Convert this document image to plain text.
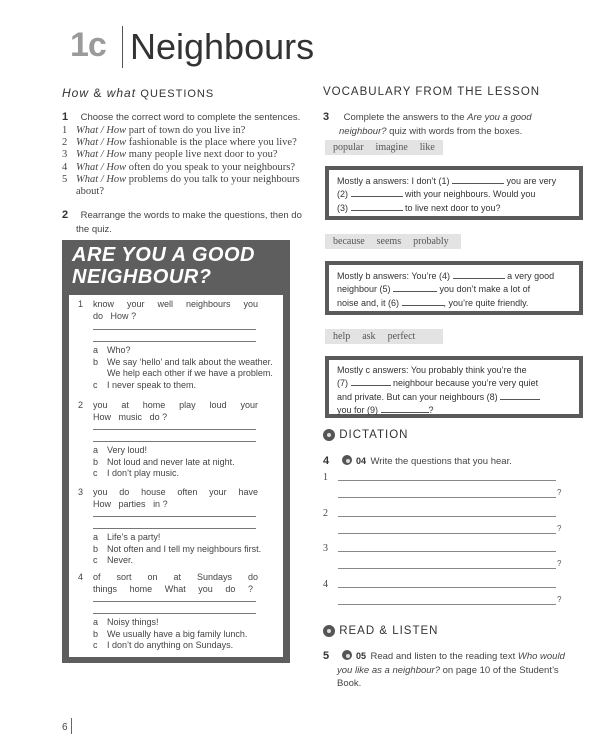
1c Neighbours
How & what QUESTIONS
1 Choose the correct word to complete the sentences.
1 What / How part of town do you live in?
2 What / How fashionable is the place where you live?
3 What / How many people live next door to you?
4 What / How often do you speak to your neighbours?
5 What / How problems do you talk to your neighbours
about?
2 Rearrange the words to make the questions, then do
the quiz.
ARE YOU A GOOD
NEIGHBOUR?
1 know your well neighbours you
do How ?
a Who?
b We say ‘hello’ and talk about the weather.
We help each other if we have a problem.
c I never speak to them.
2 you at home play loud your
How music do ?
a Very loud!
b Not loud and never late at night.
c I don’t play music.
3 you do house often your have
How parties in ?
a Life’s a party!
b Not often and I tell my neighbours first.
c Never.
4 of sort on at Sundays do
things home What you do ?
a Noisy things!
b We usually have a big family lunch.
c I don’t do anything on Sundays.
VOCABULARY FROM THE LESSON
3 Complete the answers to the Are you a good
neighbour? quiz with words from the boxes.
popular imagine like
Mostly a answers: I don’t (1)	you are very
(2)	with your neighbours. Would you
(3)	to live next door to you?
because seems probably
Mostly b answers: You’re (4)	a very good
neighbour (5)	you don’t make a lot of
noise and, it (6)	, you’re quite friendly.
help ask perfect
Mostly c answers: You probably think you’re the
(7)	neighbour because you’re very quiet
and private. But can your neighbours (8)
you for (9)	?
DICTATION
4	04 Write the questions that you hear.
1
?
2
?
3
?
4
?
READ & LISTEN
5	05 Read and listen to the reading text Who would
you like as a neighbour? on page 10 of the Student’s
Book.
6
